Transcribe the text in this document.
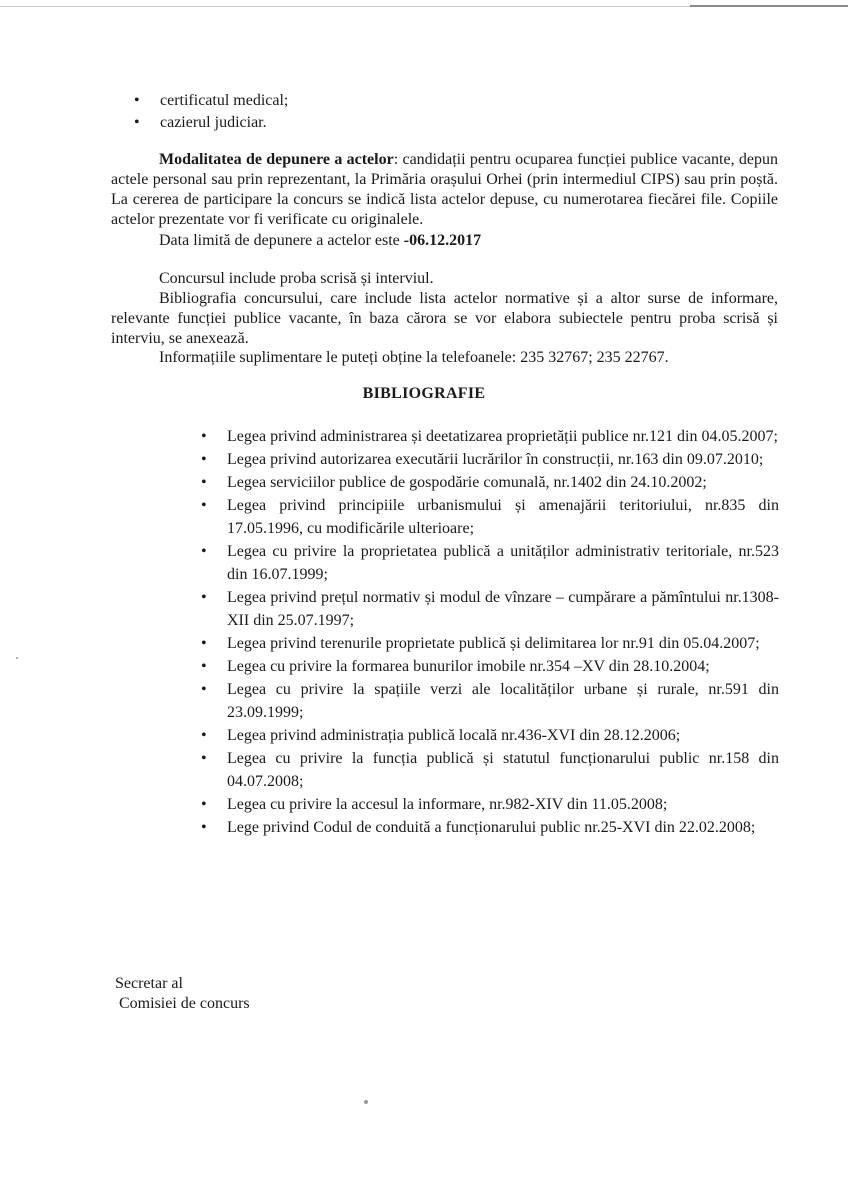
• certificatul medical;
• cazierul judiciar.

Modalitatea de depunere a actelor: candidații pentru ocuparea funcției publice vacante, depun actele personal sau prin reprezentant, la Primăria orașului Orhei (prin intermediul CIPS) sau prin poștă. La cererea de participare la concurs se indică lista actelor depuse, cu numerotarea fiecărei file. Copiile actelor prezentate vor fi verificate cu originalele.

Data limită de depunere a actelor este -06.12.2017
Concursul include proba scrisă și interviul.

Bibliografia concursului, care include lista actelor normative și a altor surse de informare, relevante funcției publice vacante, în baza cărora se vor elabora subiectele pentru proba scrisă și interviu, se anexează.

Informațiile suplimentare le puteți obține la telefoanele: 235 32767; 235 22767.
BIBLIOGRAFIE
• Legea privind administrarea și deetatizarea proprietății publice nr.121 din 04.05.2007;
• Legea privind autorizarea executării lucrărilor în construcții, nr.163 din 09.07.2010;
• Legea serviciilor publice de gospodărie comunală, nr.1402 din 24.10.2002;
• Legea privind principiile urbanismului și amenajării teritoriului, nr.835 din 17.05.1996, cu modificările ulterioare;
• Legea cu privire la proprietatea publică a unităților administrativ teritoriale, nr.523 din 16.07.1999;
• Legea privind prețul normativ și modul de vînzare – cumpărare a pămîntului nr.1308-XII din 25.07.1997;
• Legea privind terenurile proprietate publică și delimitarea lor nr.91 din 05.04.2007;
• Legea cu privire la formarea bunurilor imobile nr.354 –XV din 28.10.2004;
• Legea cu privire la spațiile verzi ale localităților urbane și rurale, nr.591 din 23.09.1999;
• Legea privind administrația publică locală nr.436-XVI din 28.12.2006;
• Legea cu privire la funcția publică și statutul funcționarului public nr.158 din 04.07.2008;
• Legea cu privire la accesul la informare, nr.982-XIV din 11.05.2008;
• Lege privind Codul de conduită a funcționarului public nr.25-XVI din 22.02.2008;
Secretar al
Comisiei de concurs
